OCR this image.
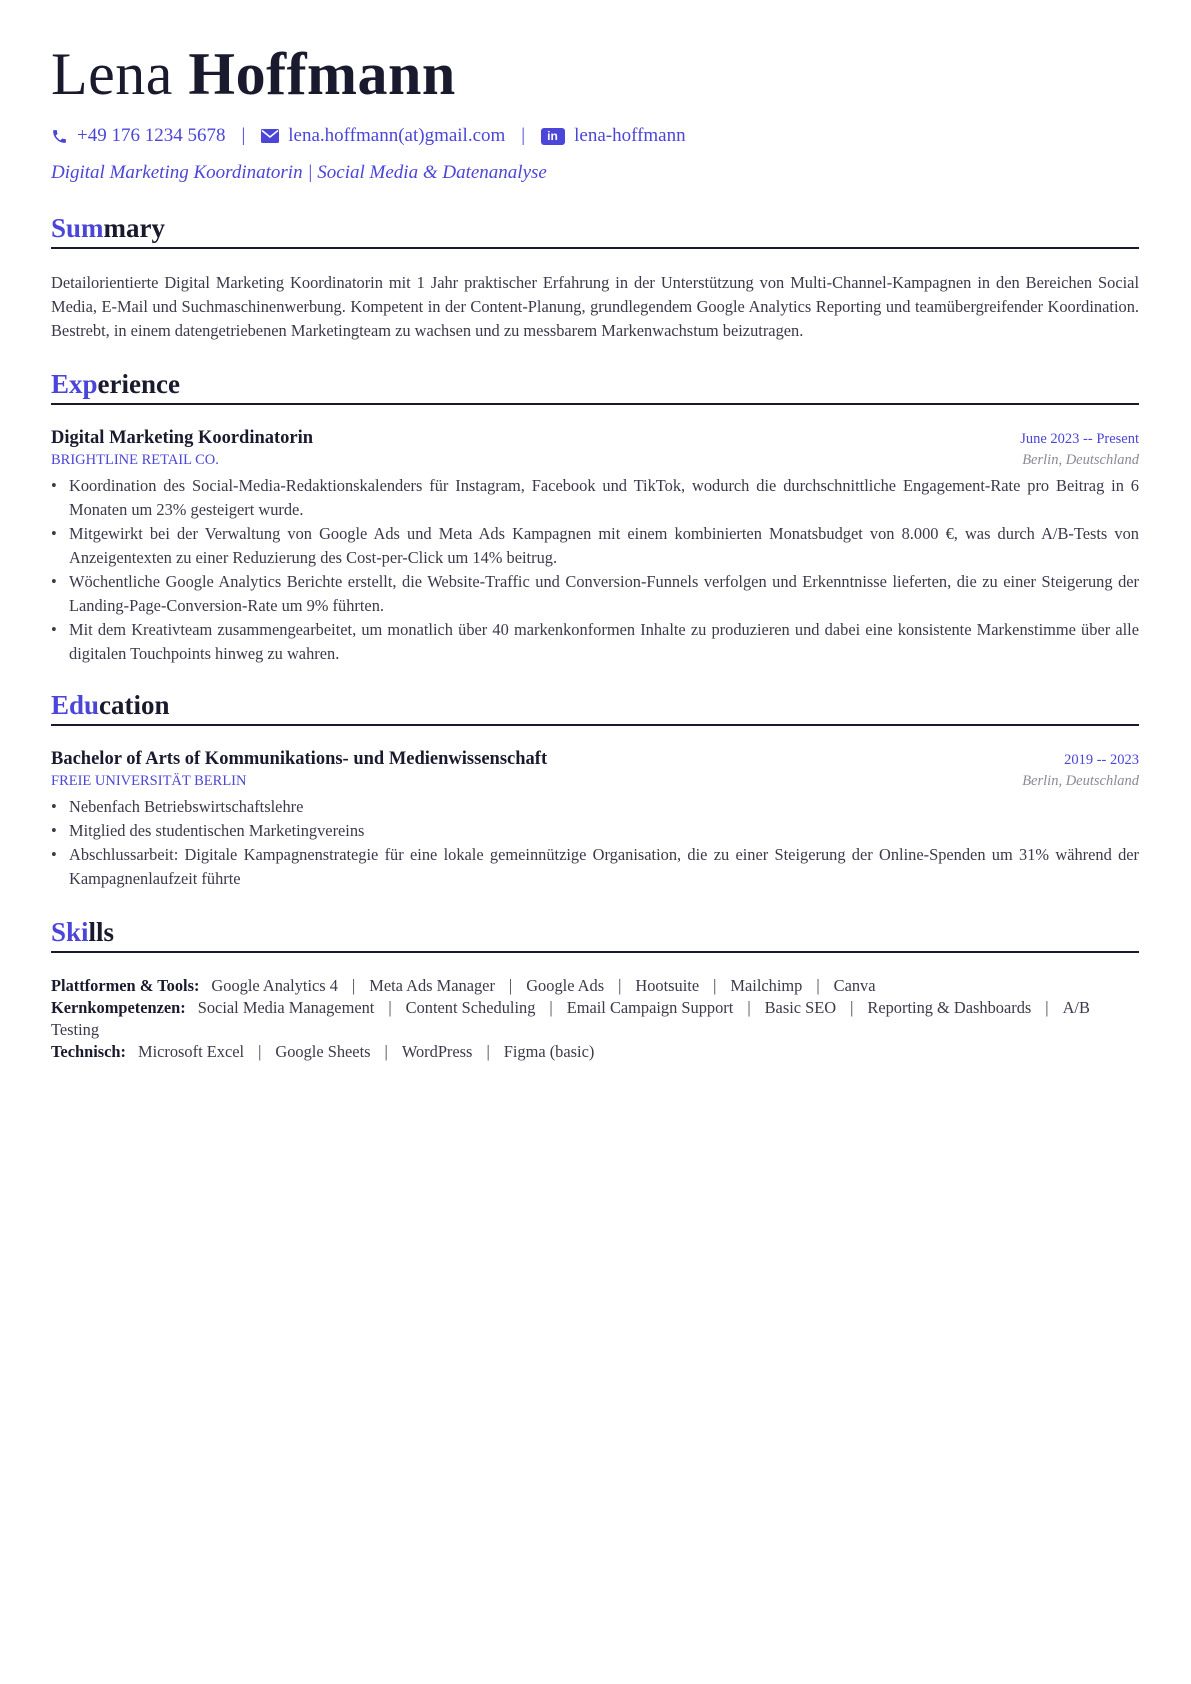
Lena Hoffmann
+49 176 1234 5678 | lena.hoffmann(at)gmail.com | in lena-hoffmann
Digital Marketing Koordinatorin | Social Media & Datenanalyse
Summary

Detailorientierte Digital Marketing Koordinatorin mit 1 Jahr praktischer Erfahrung in der Unterstützung von Multi-Channel-Kampagnen in den Bereichen Social Media, E-Mail und Suchmaschinenwerbung. Kompetent in der Content-Planung, grundlegendem Google Analytics Reporting und teamübergreifender Koordination. Bestrebt, in einem datengetriebenen Marketingteam zu wachsen und zu messbarem Markenwachstum beizutragen.

Experience
Digital Marketing Koordinatorin	June 2023 -- Present
BRIGHTLINE RETAIL CO.	Berlin, Deutschland
• Koordination des Social-Media-Redaktionskalenders für Instagram, Facebook und TikTok, wodurch die durchschnittliche Engagement-Rate pro Beitrag in 6 Monaten um 23% gesteigert wurde.
• Mitgewirkt bei der Verwaltung von Google Ads und Meta Ads Kampagnen mit einem kombinierten Monatsbudget von 8.000 €, was durch A/B-Tests von Anzeigentexten zu einer Reduzierung des Cost-per-Click um 14% beitrug.
• Wöchentliche Google Analytics Berichte erstellt, die Website-Traffic und Conversion-Funnels verfolgen und Erkenntnisse lieferten, die zu einer Steigerung der Landing-Page-Conversion-Rate um 9% führten.
• Mit dem Kreativteam zusammengearbeitet, um monatlich über 40 markenkonformen Inhalte zu produzieren und dabei eine konsistente Markenstimme über alle digitalen Touchpoints hinweg zu wahren.
Education
Bachelor of Arts of Kommunikations- und Medienwissenschaft	2019 -- 2023
FREIE UNIVERSITÄT BERLIN	Berlin, Deutschland
• Nebenfach Betriebswirtschaftslehre
• Mitglied des studentischen Marketingvereins
• Abschlussarbeit: Digitale Kampagnenstrategie für eine lokale gemeinnützige Organisation, die zu einer Steigerung der Online-Spenden um 31% während der Kampagnenlaufzeit führte
Skills
Plattformen & Tools: Google Analytics 4 | Meta Ads Manager | Google Ads | Hootsuite | Mailchimp | Canva
Kernkompetenzen: Social Media Management | Content Scheduling | Email Campaign Support | Basic SEO | Reporting & Dashboards | A/B Testing
Technisch: Microsoft Excel | Google Sheets | WordPress | Figma (basic)
